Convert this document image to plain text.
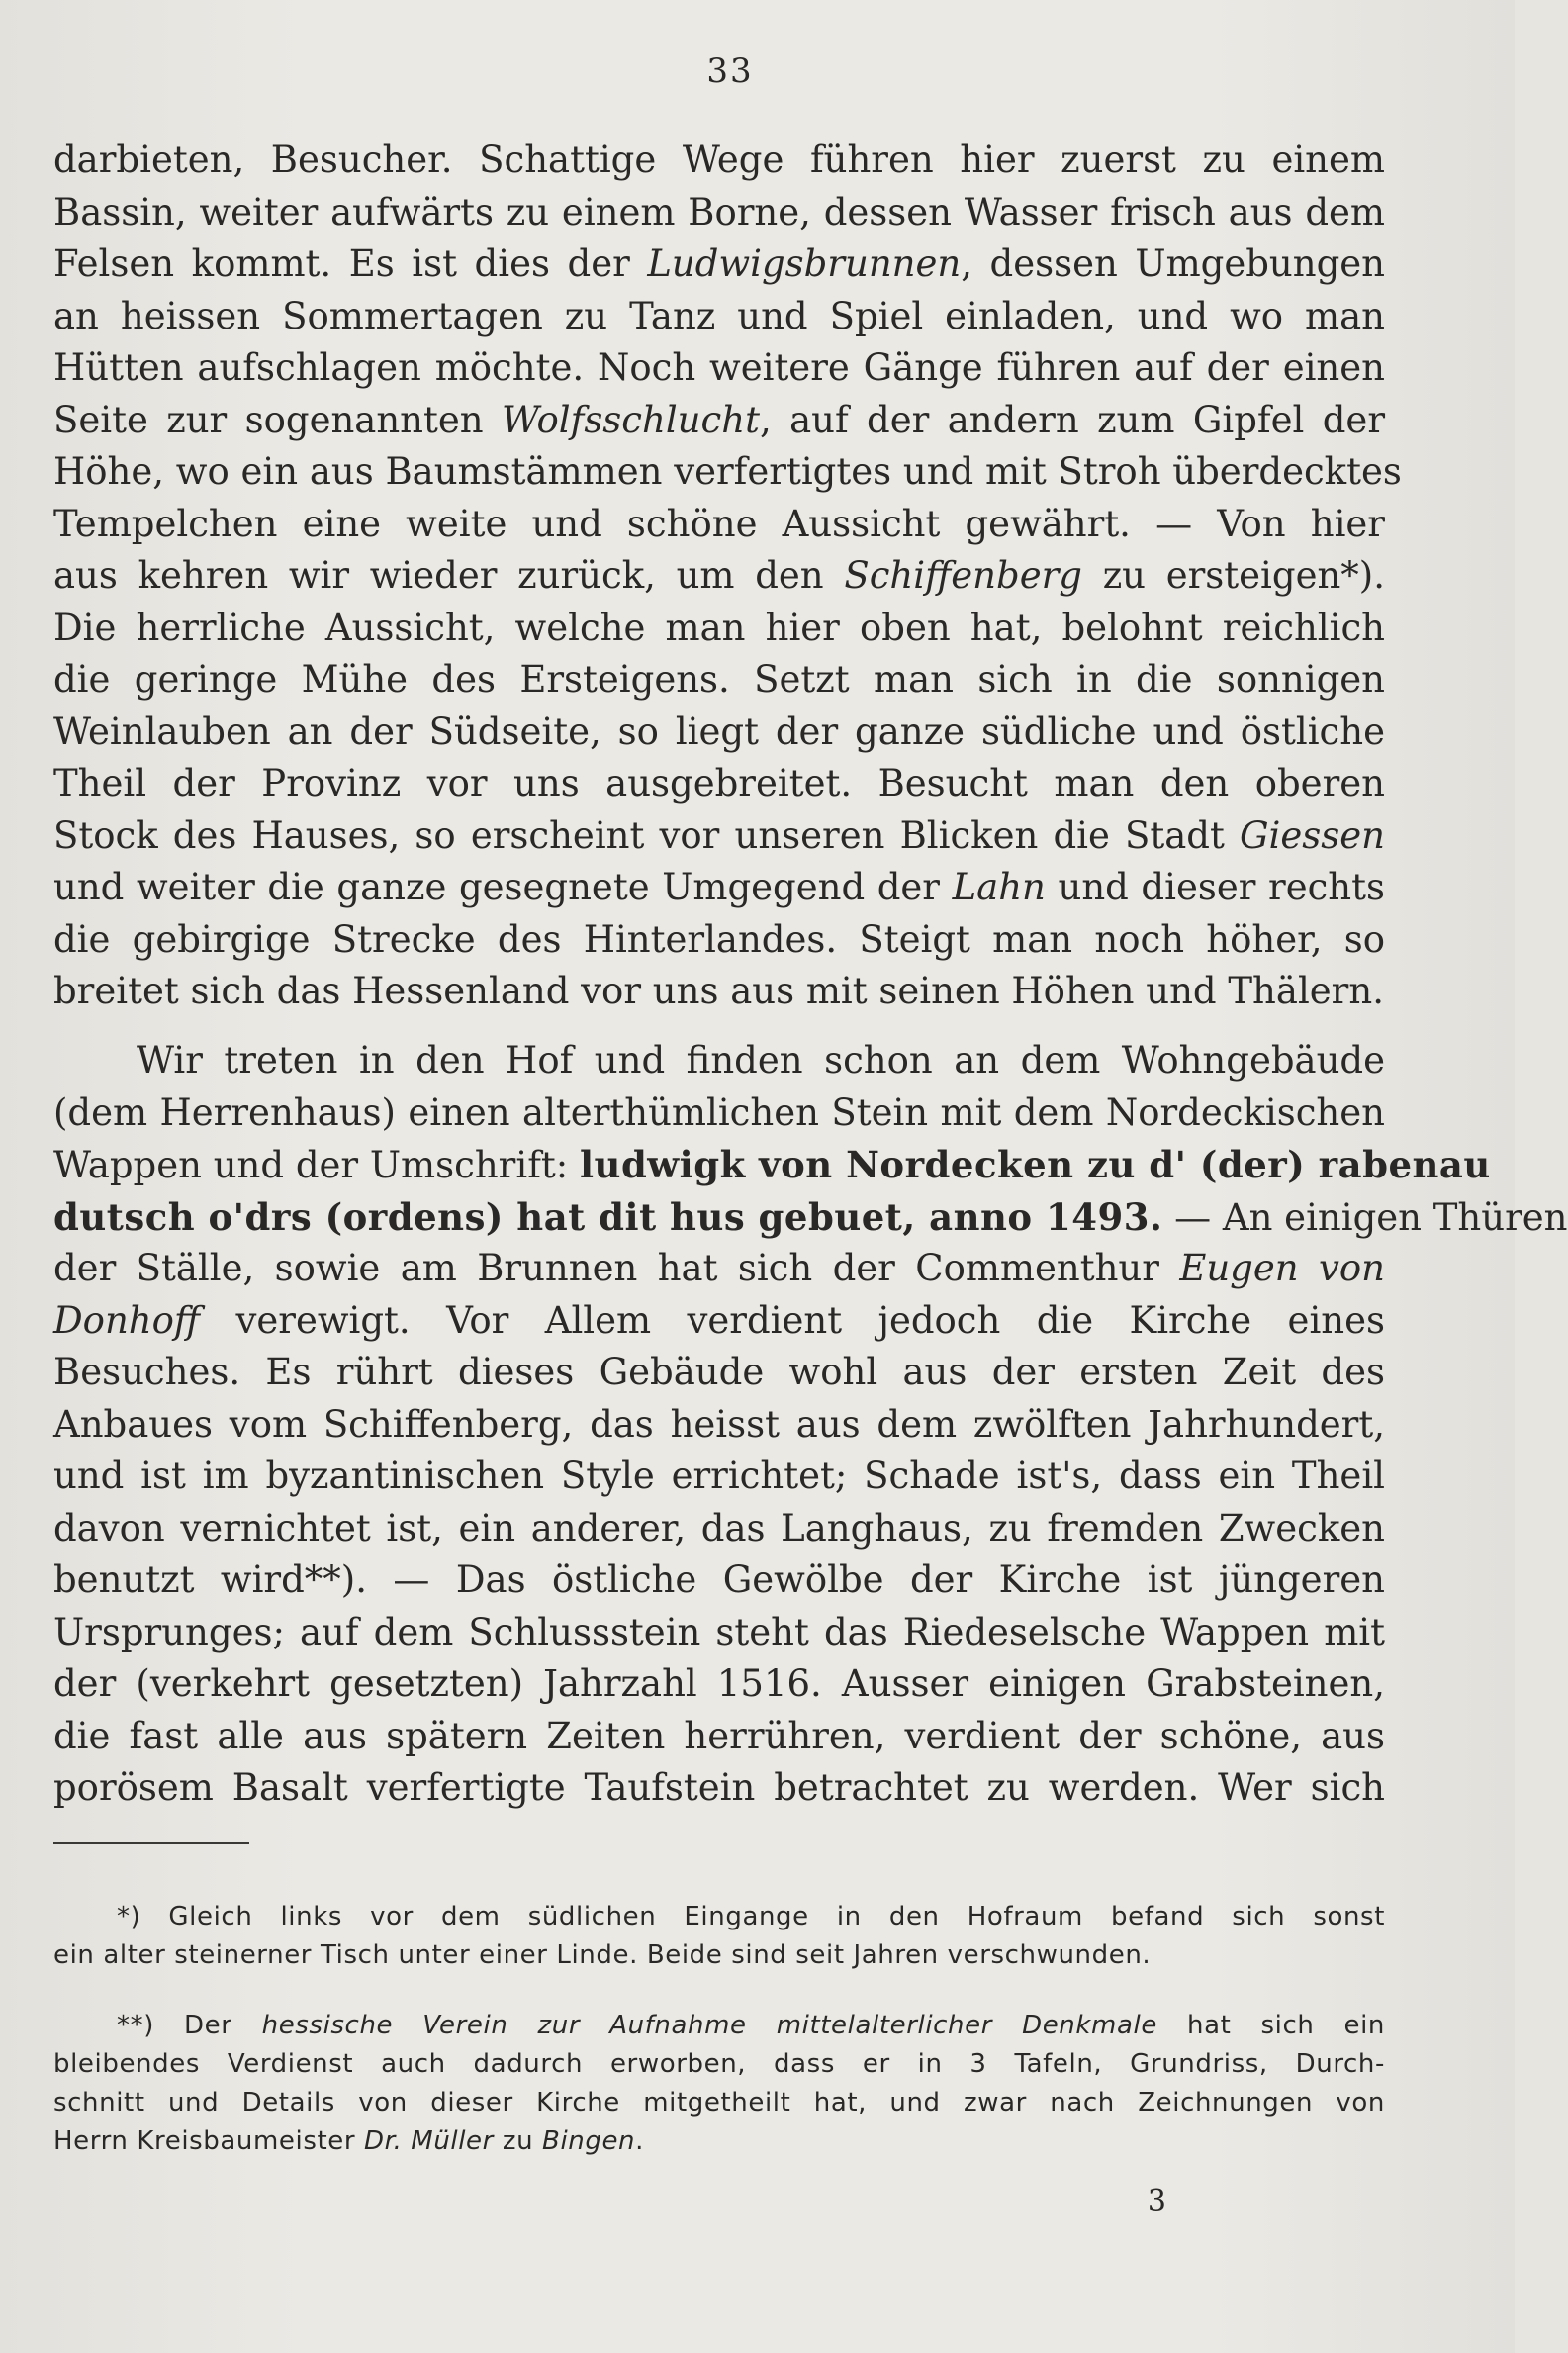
33
darbieten, Besucher. Schattige Wege führen hier zuerst zu einem
Bassin, weiter aufwärts zu einem Borne, dessen Wasser frisch aus dem
Felsen kommt. Es ist dies der Ludwigsbrunnen, dessen Umgebungen
an heissen Sommertagen zu Tanz und Spiel einladen, und wo man
Hütten aufschlagen möchte. Noch weitere Gänge führen auf der einen
Seite zur sogenannten Wolfsschlucht, auf der andern zum Gipfel der
Höhe, wo ein aus Baumstämmen verfertigtes und mit Stroh überdecktes
Tempelchen eine weite und schöne Aussicht gewährt. — Von hier
aus kehren wir wieder zurück, um den Schiffenberg zu ersteigen*).
Die herrliche Aussicht, welche man hier oben hat, belohnt reichlich
die geringe Mühe des Ersteigens. Setzt man sich in die sonnigen
Weinlauben an der Südseite, so liegt der ganze südliche und östliche
Theil der Provinz vor uns ausgebreitet. Besucht man den oberen
Stock des Hauses, so erscheint vor unseren Blicken die Stadt Giessen
und weiter die ganze gesegnete Umgegend der Lahn und dieser rechts
die gebirgige Strecke des Hinterlandes. Steigt man noch höher, so
breitet sich das Hessenland vor uns aus mit seinen Höhen und Thälern.
Wir treten in den Hof und finden schon an dem Wohngebäude
(dem Herrenhaus) einen alterthümlichen Stein mit dem Nordeckischen
Wappen und der Umschrift: ludwigk von Nordecken zu d' (der) rabenau
dutsch o'drs (ordens) hat dit hus gebuet, anno 1493. — An einigen Thüren
der Ställe, sowie am Brunnen hat sich der Commenthur Eugen von
Donhoff verewigt. Vor Allem verdient jedoch die Kirche eines
Besuches. Es rührt dieses Gebäude wohl aus der ersten Zeit des
Anbaues vom Schiffenberg, das heisst aus dem zwölften Jahrhundert,
und ist im byzantinischen Style errichtet; Schade ist's, dass ein Theil
davon vernichtet ist, ein anderer, das Langhaus, zu fremden Zwecken
benutzt wird**). — Das östliche Gewölbe der Kirche ist jüngeren
Ursprunges; auf dem Schlussstein steht das Riedeselsche Wappen mit
der (verkehrt gesetzten) Jahrzahl 1516. Ausser einigen Grabsteinen,
die fast alle aus spätern Zeiten herrühren, verdient der schöne, aus
porösem Basalt verfertigte Taufstein betrachtet zu werden. Wer sich
*) Gleich links vor dem südlichen Eingange in den Hofraum befand sich sonst
ein alter steinerner Tisch unter einer Linde. Beide sind seit Jahren verschwunden.
**) Der hessische Verein zur Aufnahme mittelalterlicher Denkmale hat sich ein
bleibendes Verdienst auch dadurch erworben, dass er in 3 Tafeln, Grundriss, Durch-
schnitt und Details von dieser Kirche mitgetheilt hat, und zwar nach Zeichnungen von
Herrn Kreisbaumeister Dr. Müller zu Bingen.
3
